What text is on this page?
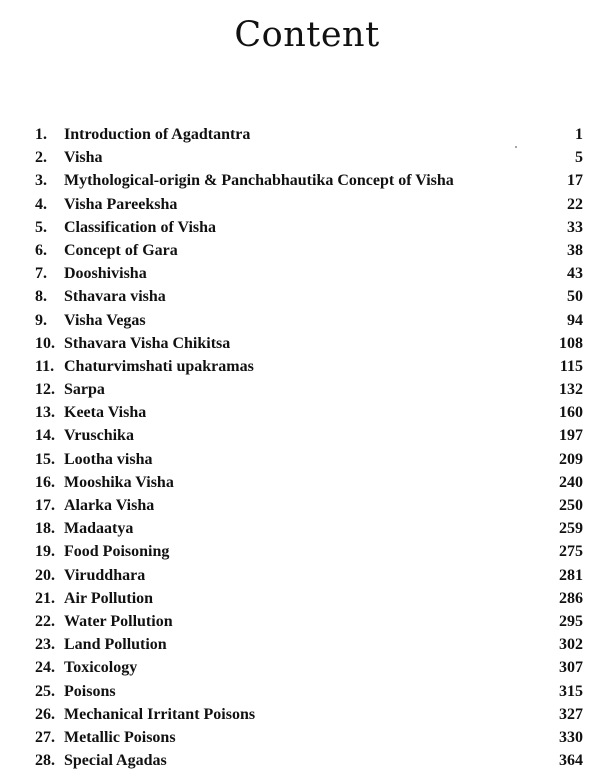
Content
1. Introduction of Agadtantra	1
2. Visha	5
3. Mythological-origin & Panchabhautika Concept of Visha	17
4. Visha Pareeksha	22
5. Classification of Visha	33
6. Concept of Gara	38
7. Dooshivisha	43
8. Sthavara visha	50
9. Visha Vegas	94
10. Sthavara Visha Chikitsa	108
11. Chaturvimshati upakramas	115
12. Sarpa	132
13. Keeta Visha	160
14. Vruschika	197
15. Lootha visha	209
16. Mooshika Visha	240
17. Alarka Visha	250
18. Madaatya	259
19. Food Poisoning	275
20. Viruddhara	281
21. Air Pollution	286
22. Water Pollution	295
23. Land Pollution	302
24. Toxicology	307
25. Poisons	315
26. Mechanical Irritant Poisons	327
27. Metallic Poisons	330
28. Special Agadas	364
